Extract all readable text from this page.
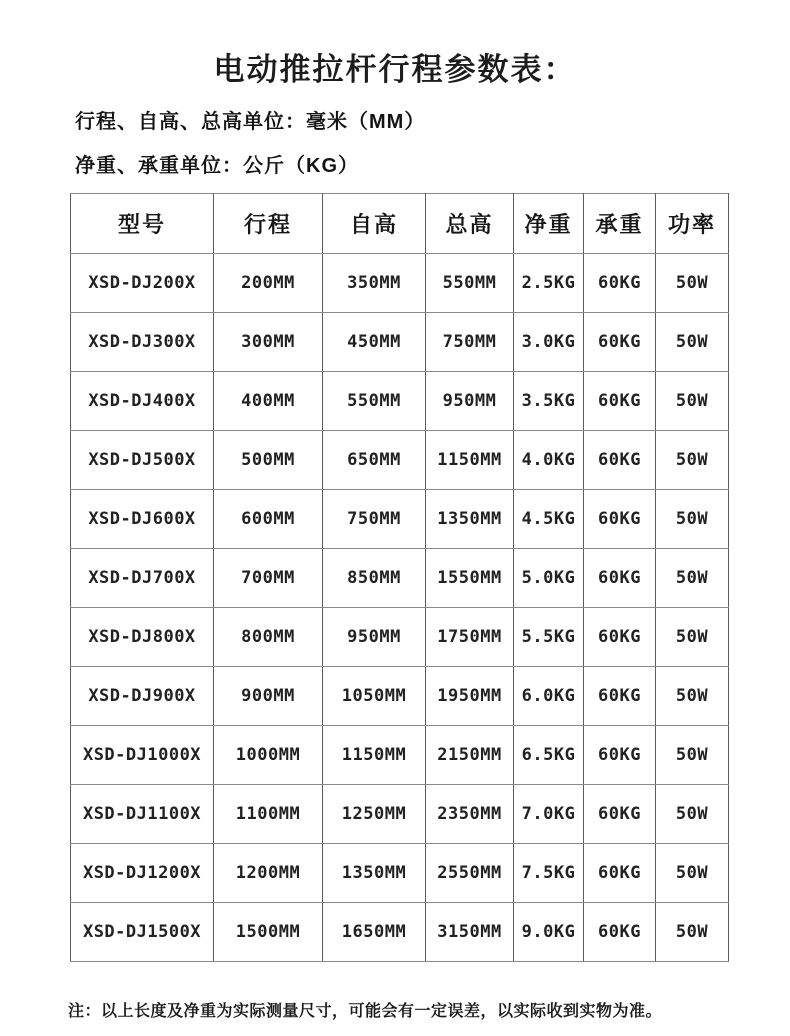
电动推拉杆行程参数表：

行程、自高、总高单位：毫米（MM）

净重、承重单位：公斤（KG）

型号	行程	自高	总高	净重	承重	功率
XSD-DJ200X	200MM	350MM	550MM	2.5KG	60KG	50W
XSD-DJ300X	300MM	450MM	750MM	3.0KG	60KG	50W
XSD-DJ400X	400MM	550MM	950MM	3.5KG	60KG	50W
XSD-DJ500X	500MM	650MM	1150MM	4.0KG	60KG	50W
XSD-DJ600X	600MM	750MM	1350MM	4.5KG	60KG	50W
XSD-DJ700X	700MM	850MM	1550MM	5.0KG	60KG	50W
XSD-DJ800X	800MM	950MM	1750MM	5.5KG	60KG	50W
XSD-DJ900X	900MM	1050MM	1950MM	6.0KG	60KG	50W
XSD-DJ1000X	1000MM	1150MM	2150MM	6.5KG	60KG	50W
XSD-DJ1100X	1100MM	1250MM	2350MM	7.0KG	60KG	50W
XSD-DJ1200X	1200MM	1350MM	2550MM	7.5KG	60KG	50W
XSD-DJ1500X	1500MM	1650MM	3150MM	9.0KG	60KG	50W

注：以上长度及净重为实际测量尺寸，可能会有一定误差，以实际收到实物为准。
